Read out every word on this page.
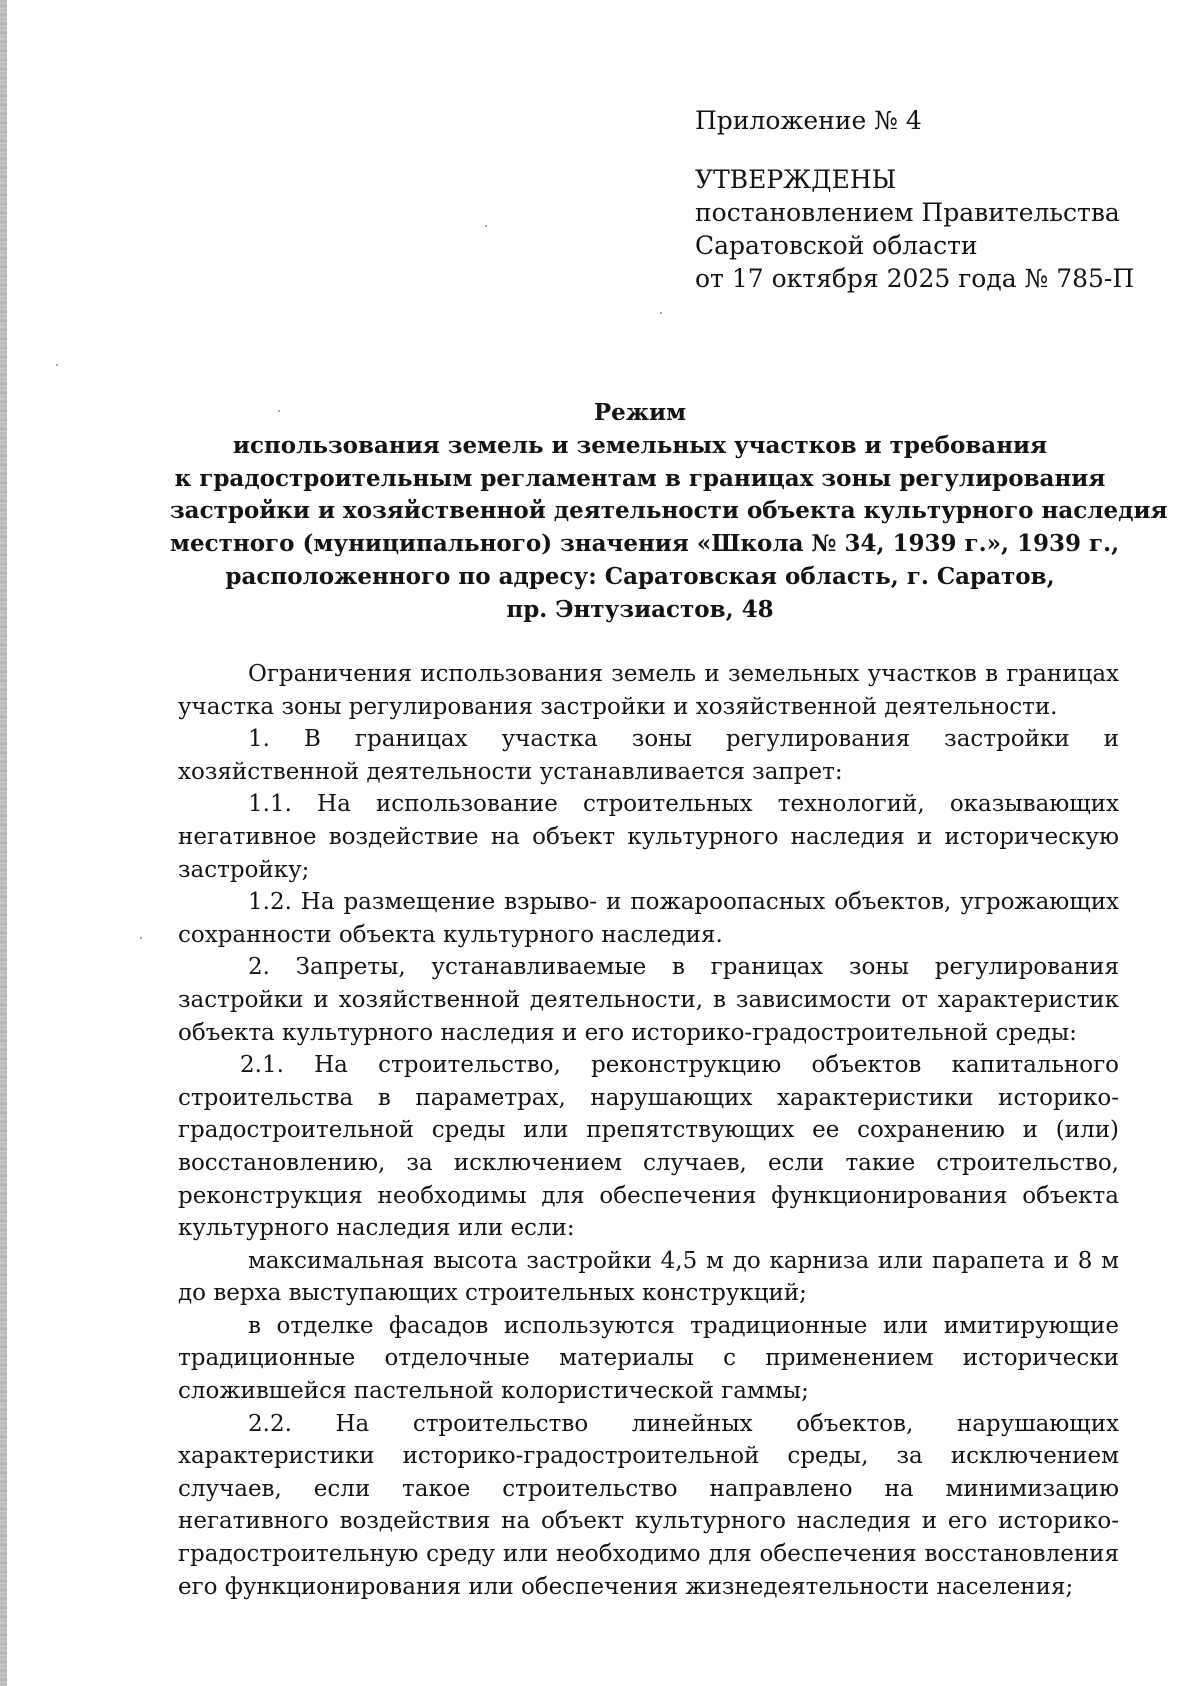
Приложение № 4
УТВЕРЖДЕНЫ
постановлением Правительства
Саратовской области
от 17 октября 2025 года № 785-П
Режим
использования земель и земельных участков и требования
к градостроительным регламентам в границах зоны регулирования
застройки и хозяйственной деятельности объекта культурного наследия
местного (муниципального) значения «Школа № 34, 1939 г.», 1939 г.,
расположенного по адресу: Саратовская область, г. Саратов,
пр. Энтузиастов, 48

Ограничения использования земель и земельных участков в границах участка зоны регулирования застройки и хозяйственной деятельности.

1. В границах участка зоны регулирования застройки и хозяйственной деятельности устанавливается запрет:

1.1. На использование строительных технологий, оказывающих негативное воздействие на объект культурного наследия и историческую застройку;

1.2. На размещение взрыво- и пожароопасных объектов, угрожающих сохранности объекта культурного наследия.

2. Запреты, устанавливаемые в границах зоны регулирования застройки и хозяйственной деятельности, в зависимости от характеристик объекта культурного наследия и его историко-градостроительной среды:

2.1. На строительство, реконструкцию объектов капитального строительства в параметрах, нарушающих характеристики историко-градостроительной среды или препятствующих ее сохранению и (или) восстановлению, за исключением случаев, если такие строительство, реконструкция необходимы для обеспечения функционирования объекта культурного наследия или если:

максимальная высота застройки 4,5 м до карниза или парапета и 8 м до верха выступающих строительных конструкций;

в отделке фасадов используются традиционные или имитирующие традиционные отделочные материалы с применением исторически сложившейся пастельной колористической гаммы;

2.2. На строительство линейных объектов, нарушающих характеристики историко-градостроительной среды, за исключением случаев, если такое строительство направлено на минимизацию негативного воздействия на объект культурного наследия и его историко-градостроительную среду или необходимо для обеспечения восстановления его функционирования или обеспечения жизнедеятельности населения;
